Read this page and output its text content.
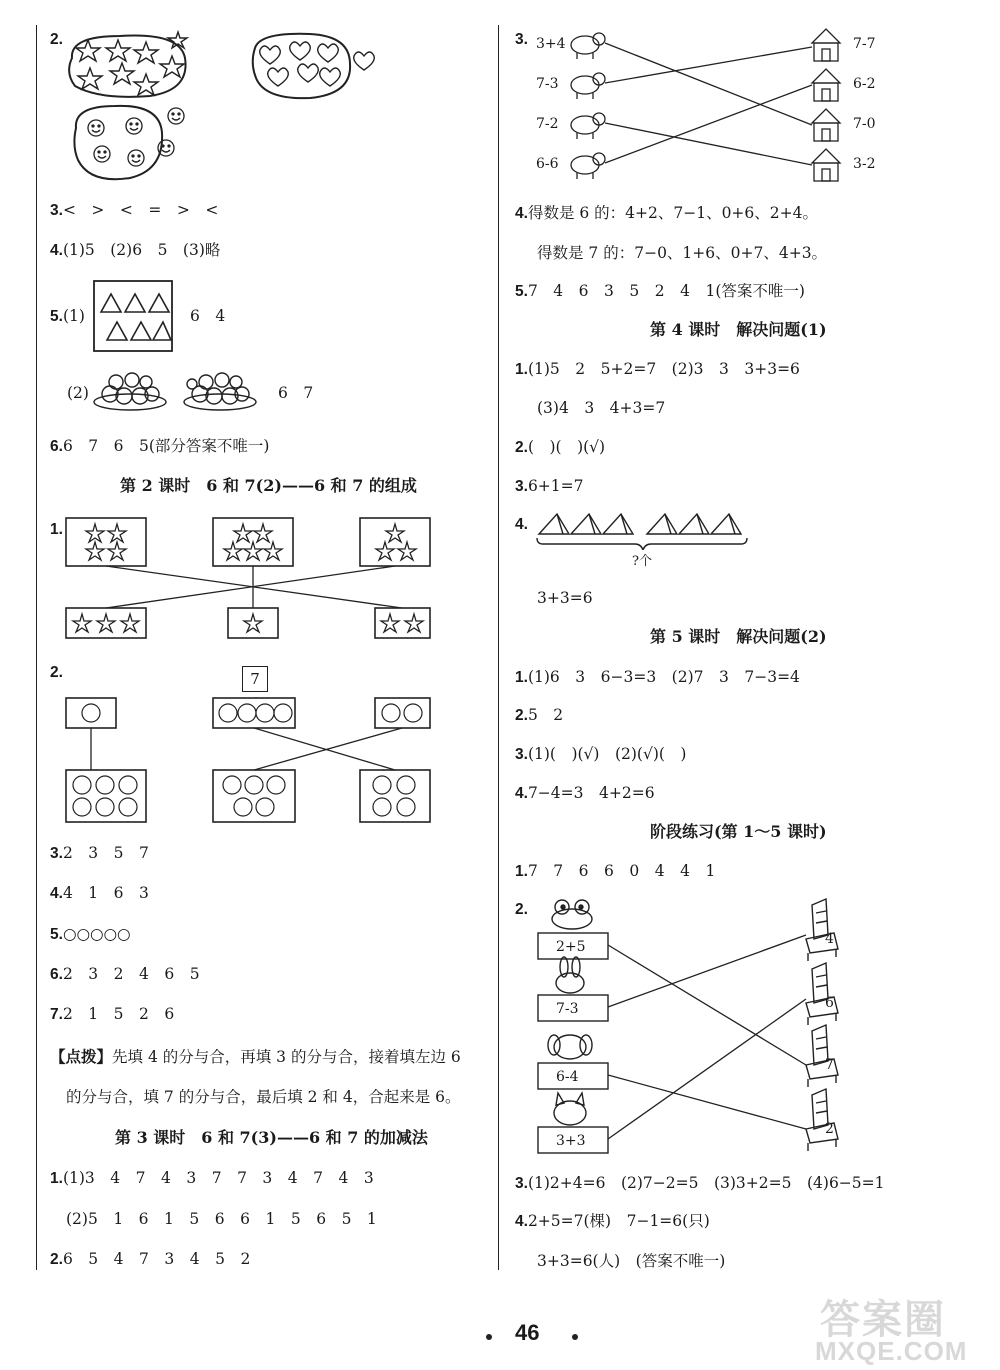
2.
3.<　>　<　=　>　<
4.(1)5　(2)6　5　(3)略
5.(1)	6　4
(2)	6　7
6.6　7　6　5(部分答案不唯一)
第 2 课时　6 和 7(2)——6 和 7 的组成
1.
2.	7
3.2　3　5　7
4.4　1　6　3
5.○○○○○
6.2　3　2　4　6　5
7.2　1　5　2　6
【点拨】先填 4 的分与合，再填 3 的分与合，接着填左边 6
的分与合，填 7 的分与合，最后填 2 和 4，合起来是 6。
第 3 课时　6 和 7(3)——6 和 7 的加减法
1.(1)3　4　7　4　3　7　7　3　4　7　4　3
(2)5　1　6　1　5　6　6　1　5　6　5　1
2.6　5　4　7　3　4　5　2
3. 3+4
7-3
7-2
6-6
7-7
6-2
7-0
3-2
4.得数是 6 的：4+2、7−1、0+6、2+4。
得数是 7 的：7−0、1+6、0+7、4+3。
5.7　4　6　3　5　2　4　1(答案不唯一)
第 4 课时　解决问题(1)
1.(1)5　2　5+2=7　(2)3　3　3+3=6
(3)4　3　4+3=7
2.(　)(　)(√)
3.6+1=7
4.
?个
3+3=6
第 5 课时　解决问题(2)
1.(1)6　3　6−3=3　(2)7　3　7−3=4
2.5　2
3.(1)(　)(√)　(2)(√)(　)
4.7−4=3　4+2=6
阶段练习(第 1～5 课时)
1.7　7　6　6　0　4　4　1
2.
2+5
7-3
6-4
3+3
4
6
7
2
3.(1)2+4=6　(2)7−2=5　(3)3+2=5　(4)6−5=1
4.2+5=7(棵)　7−1=6(只)
3+3=6(人)　(答案不唯一)
46	答案圈
MXQE.COM
